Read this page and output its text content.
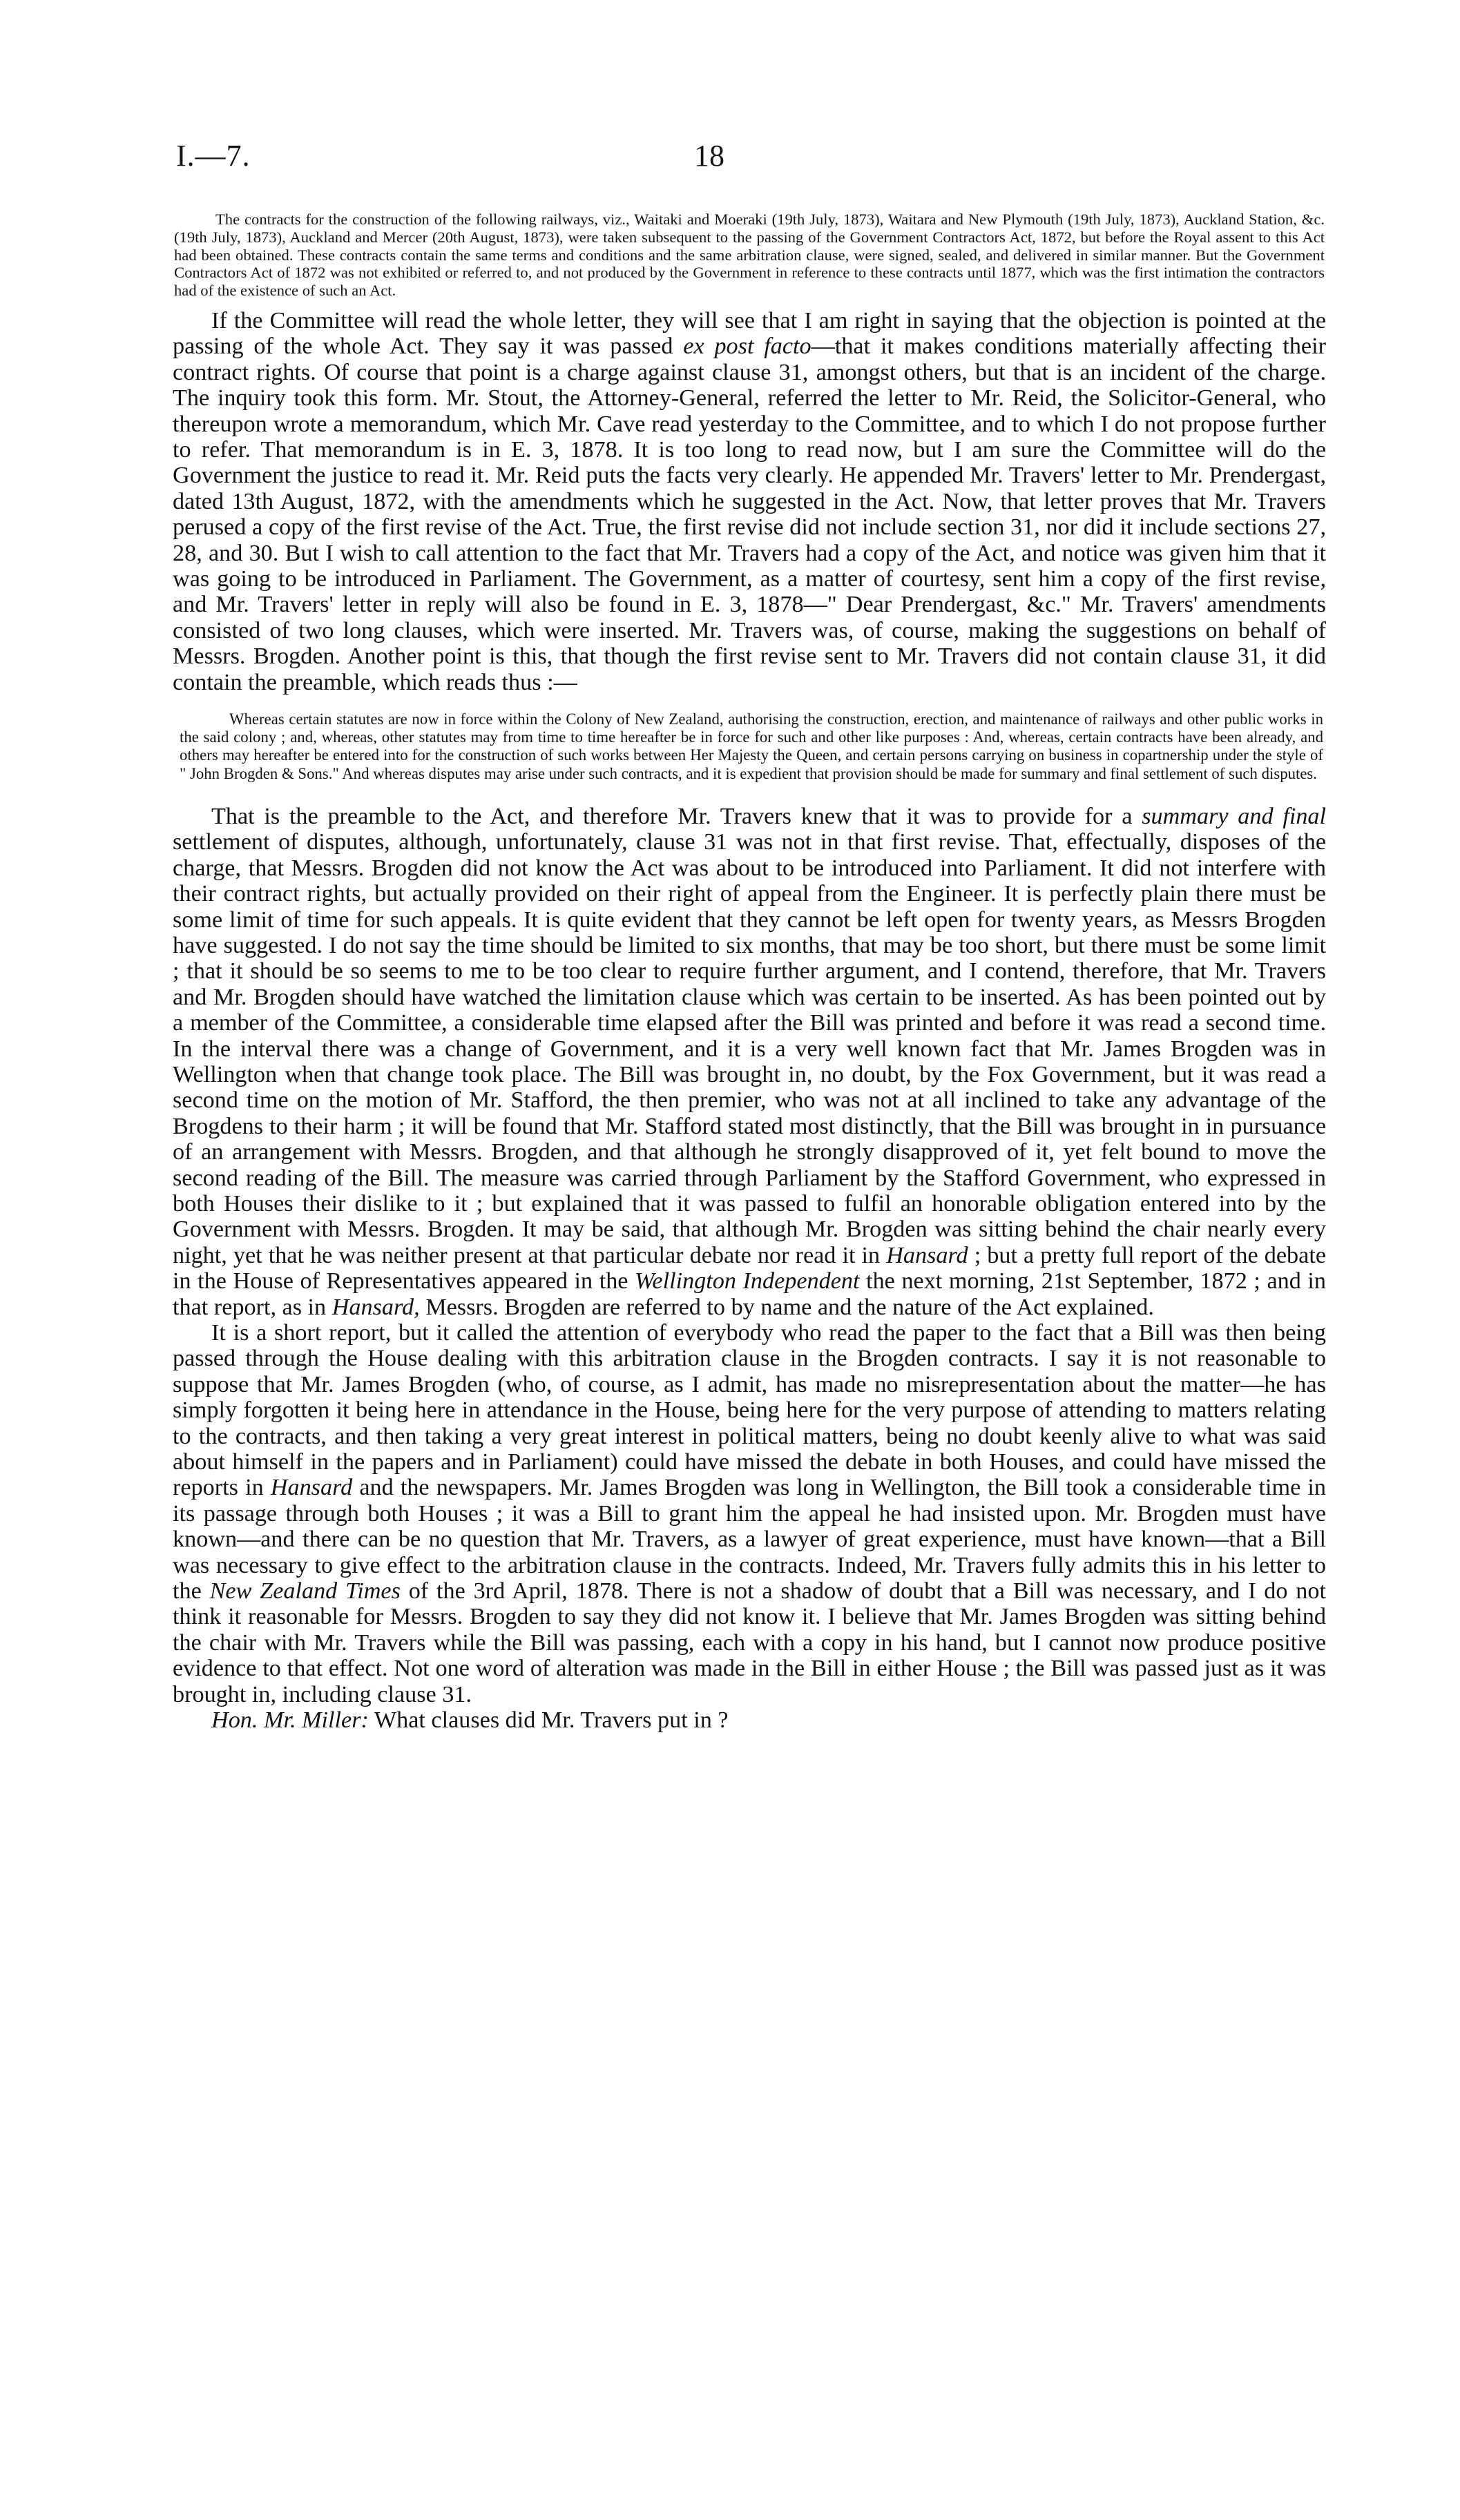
I.—7.	18

The contracts for the construction of the following railways, viz., Waitaki and Moeraki (19th July, 1873), Waitara and New Plymouth (19th July, 1873), Auckland Station, &c. (19th July, 1873), Auckland and Mercer (20th August, 1873), were taken subsequent to the passing of the Government Contractors Act, 1872, but before the Royal assent to this Act had been obtained. These contracts contain the same terms and conditions and the same arbitration clause, were signed, sealed, and delivered in similar manner. But the Government Contractors Act of 1872 was not exhibited or referred to, and not produced by the Government in reference to these contracts until 1877, which was the first intimation the contractors had of the existence of such an Act.

If the Committee will read the whole letter, they will see that I am right in saying that the objection is pointed at the passing of the whole Act. They say it was passed ex post facto—that it makes conditions materially affecting their contract rights. Of course that point is a charge against clause 31, amongst others, but that is an incident of the charge. The inquiry took this form. Mr. Stout, the Attorney-General, referred the letter to Mr. Reid, the Solicitor-General, who thereupon wrote a memorandum, which Mr. Cave read yesterday to the Committee, and to which I do not propose further to refer. That memorandum is in E. 3, 1878. It is too long to read now, but I am sure the Committee will do the Government the justice to read it. Mr. Reid puts the facts very clearly. He appended Mr. Travers' letter to Mr. Prendergast, dated 13th August, 1872, with the amendments which he suggested in the Act. Now, that letter proves that Mr. Travers perused a copy of the first revise of the Act. True, the first revise did not include section 31, nor did it include sections 27, 28, and 30. But I wish to call attention to the fact that Mr. Travers had a copy of the Act, and notice was given him that it was going to be introduced in Parliament. The Government, as a matter of courtesy, sent him a copy of the first revise, and Mr. Travers' letter in reply will also be found in E. 3, 1878—" Dear Prendergast, &c." Mr. Travers' amendments consisted of two long clauses, which were inserted. Mr. Travers was, of course, making the suggestions on behalf of Messrs. Brogden. Another point is this, that though the first revise sent to Mr. Travers did not contain clause 31, it did contain the preamble, which reads thus :—

Whereas certain statutes are now in force within the Colony of New Zealand, authorising the construction, erection, and maintenance of railways and other public works in the said colony ; and, whereas, other statutes may from time to time hereafter be in force for such and other like purposes : And, whereas, certain contracts have been already, and others may hereafter be entered into for the construction of such works between Her Majesty the Queen, and certain persons carrying on business in copartnership under the style of " John Brogden & Sons." And whereas disputes may arise under such contracts, and it is expedient that provision should be made for summary and final settlement of such disputes.

That is the preamble to the Act, and therefore Mr. Travers knew that it was to provide for a summary and final settlement of disputes, although, unfortunately, clause 31 was not in that first revise. That, effectually, disposes of the charge, that Messrs. Brogden did not know the Act was about to be introduced into Parliament. It did not interfere with their contract rights, but actually provided on their right of appeal from the Engineer. It is perfectly plain there must be some limit of time for such appeals. It is quite evident that they cannot be left open for twenty years, as Messrs Brogden have suggested. I do not say the time should be limited to six months, that may be too short, but there must be some limit ; that it should be so seems to me to be too clear to require further argument, and I contend, therefore, that Mr. Travers and Mr. Brogden should have watched the limitation clause which was certain to be inserted. As has been pointed out by a member of the Committee, a considerable time elapsed after the Bill was printed and before it was read a second time. In the interval there was a change of Government, and it is a very well known fact that Mr. James Brogden was in Wellington when that change took place. The Bill was brought in, no doubt, by the Fox Government, but it was read a second time on the motion of Mr. Stafford, the then premier, who was not at all inclined to take any advantage of the Brogdens to their harm ; it will be found that Mr. Stafford stated most distinctly, that the Bill was brought in in pursuance of an arrangement with Messrs. Brogden, and that although he strongly disapproved of it, yet felt bound to move the second reading of the Bill. The measure was carried through Parliament by the Stafford Government, who expressed in both Houses their dislike to it ; but explained that it was passed to fulfil an honorable obligation entered into by the Government with Messrs. Brogden. It may be said, that although Mr. Brogden was sitting behind the chair nearly every night, yet that he was neither present at that particular debate nor read it in Hansard ; but a pretty full report of the debate in the House of Representatives appeared in the Wellington Independent the next morning, 21st September, 1872 ; and in that report, as in Hansard, Messrs. Brogden are referred to by name and the nature of the Act explained.

It is a short report, but it called the attention of everybody who read the paper to the fact that a Bill was then being passed through the House dealing with this arbitration clause in the Brogden contracts. I say it is not reasonable to suppose that Mr. James Brogden (who, of course, as I admit, has made no misrepresentation about the matter—he has simply forgotten it being here in attendance in the House, being here for the very purpose of attending to matters relating to the contracts, and then taking a very great interest in political matters, being no doubt keenly alive to what was said about himself in the papers and in Parliament) could have missed the debate in both Houses, and could have missed the reports in Hansard and the newspapers. Mr. James Brogden was long in Wellington, the Bill took a considerable time in its passage through both Houses ; it was a Bill to grant him the appeal he had insisted upon. Mr. Brogden must have known—and there can be no question that Mr. Travers, as a lawyer of great experience, must have known—that a Bill was necessary to give effect to the arbitration clause in the contracts. Indeed, Mr. Travers fully admits this in his letter to the New Zealand Times of the 3rd April, 1878. There is not a shadow of doubt that a Bill was necessary, and I do not think it reasonable for Messrs. Brogden to say they did not know it. I believe that Mr. James Brogden was sitting behind the chair with Mr. Travers while the Bill was passing, each with a copy in his hand, but I cannot now produce positive evidence to that effect. Not one word of alteration was made in the Bill in either House ; the Bill was passed just as it was brought in, including clause 31.

Hon. Mr. Miller: What clauses did Mr. Travers put in ?
